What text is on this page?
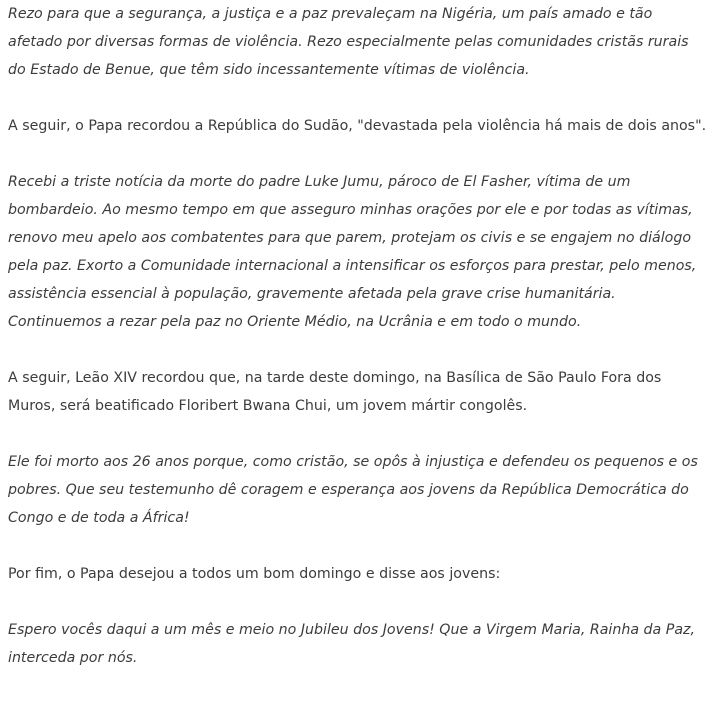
Rezo para que a segurança, a justiça e a paz prevaleçam na Nigéria, um país amado e tão afetado por diversas formas de violência. Rezo especialmente pelas comunidades cristãs rurais do Estado de Benue, que têm sido incessantemente vítimas de violência.

A seguir, o Papa recordou a República do Sudão, "devastada pela violência há mais de dois anos".

Recebi a triste notícia da morte do padre Luke Jumu, pároco de El Fasher, vítima de um bombardeio. Ao mesmo tempo em que asseguro minhas orações por ele e por todas as vítimas, renovo meu apelo aos combatentes para que parem, protejam os civis e se engajem no diálogo pela paz. Exorto a Comunidade internacional a intensificar os esforços para prestar, pelo menos, assistência essencial à população, gravemente afetada pela grave crise humanitária. Continuemos a rezar pela paz no Oriente Médio, na Ucrânia e em todo o mundo.

A seguir, Leão XIV recordou que, na tarde deste domingo, na Basílica de São Paulo Fora dos Muros, será beatificado Floribert Bwana Chui, um jovem mártir congolês.

Ele foi morto aos 26 anos porque, como cristão, se opôs à injustiça e defendeu os pequenos e os pobres. Que seu testemunho dê coragem e esperança aos jovens da República Democrática do Congo e de toda a África!

Por fim, o Papa desejou a todos um bom domingo e disse aos jovens:

Espero vocês daqui a um mês e meio no Jubileu dos Jovens! Que a Virgem Maria, Rainha da Paz, interceda por nós.
